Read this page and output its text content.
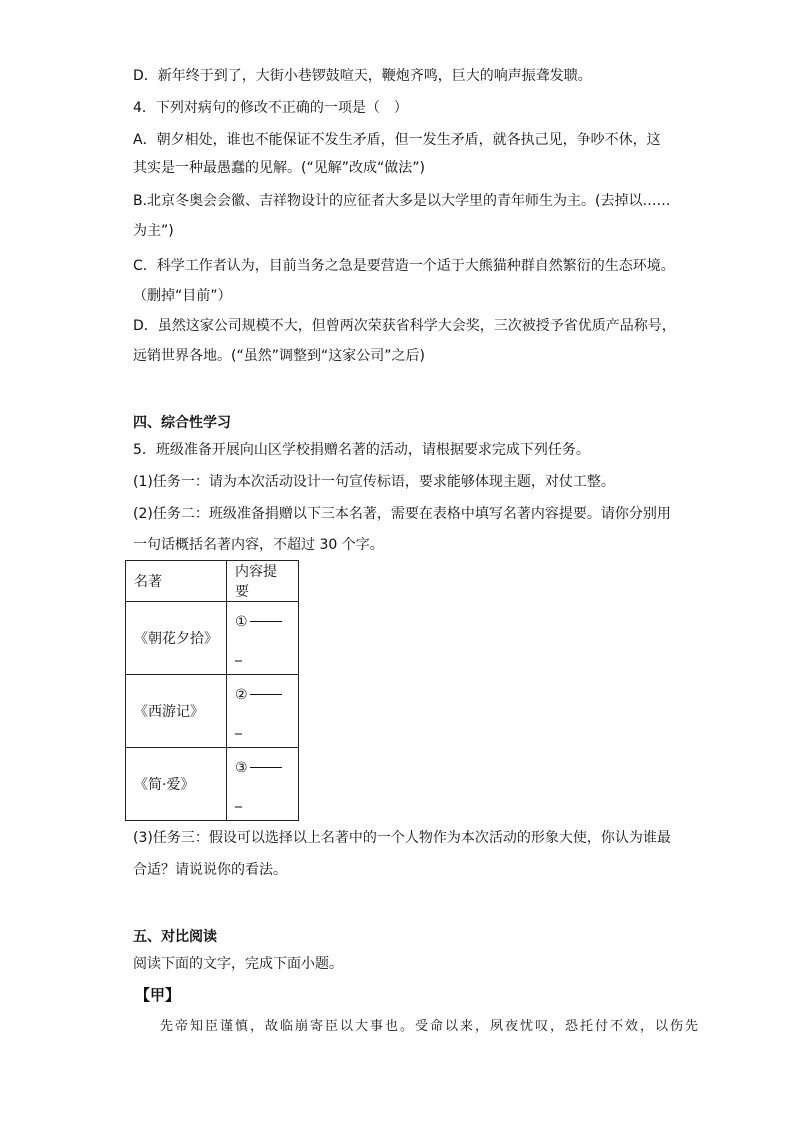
D．新年终于到了，大街小巷锣鼓喧天，鞭炮齐鸣，巨大的响声振聋发聩。
4．下列对病句的修改不正确的一项是（　）
A．朝夕相处，谁也不能保证不发生矛盾，但一发生矛盾，就各执己见，争吵不休，这
其实是一种最愚蠢的见解。(“见解”改成“做法”)
B.北京冬奥会会徽、吉祥物设计的应征者大多是以大学里的青年师生为主。(去掉以……
为主”)
C．科学工作者认为，目前当务之急是要营造一个适于大熊猫种群自然繁衍的生态环境。
（删掉“目前”）
D．虽然这家公司规模不大，但曾两次荣获省科学大会奖，三次被授予省优质产品称号，
远销世界各地。(“虽然”调整到“这家公司”之后)
四、综合性学习
5．班级准备开展向山区学校捐赠名著的活动，请根据要求完成下列任务。
(1)任务一：请为本次活动设计一句宣传标语，要求能够体现主题，对仗工整。
(2)任务二：班级准备捐赠以下三本名著，需要在表格中填写名著内容提要。请你分别用
一句话概括名著内容，不超过 30 个字。
名著	内容提要
《朝花夕拾》	①
_

《西游记》	②
_

《简·爱》	③
_
(3)任务三：假设可以选择以上名著中的一个人物作为本次活动的形象大使，你认为谁最
合适？请说说你的看法。
五、对比阅读
阅读下面的文字，完成下面小题。
【甲】
先帝知臣谨慎，故临崩寄臣以大事也。受命以来，夙夜忧叹，恐托付不效，以伤先
